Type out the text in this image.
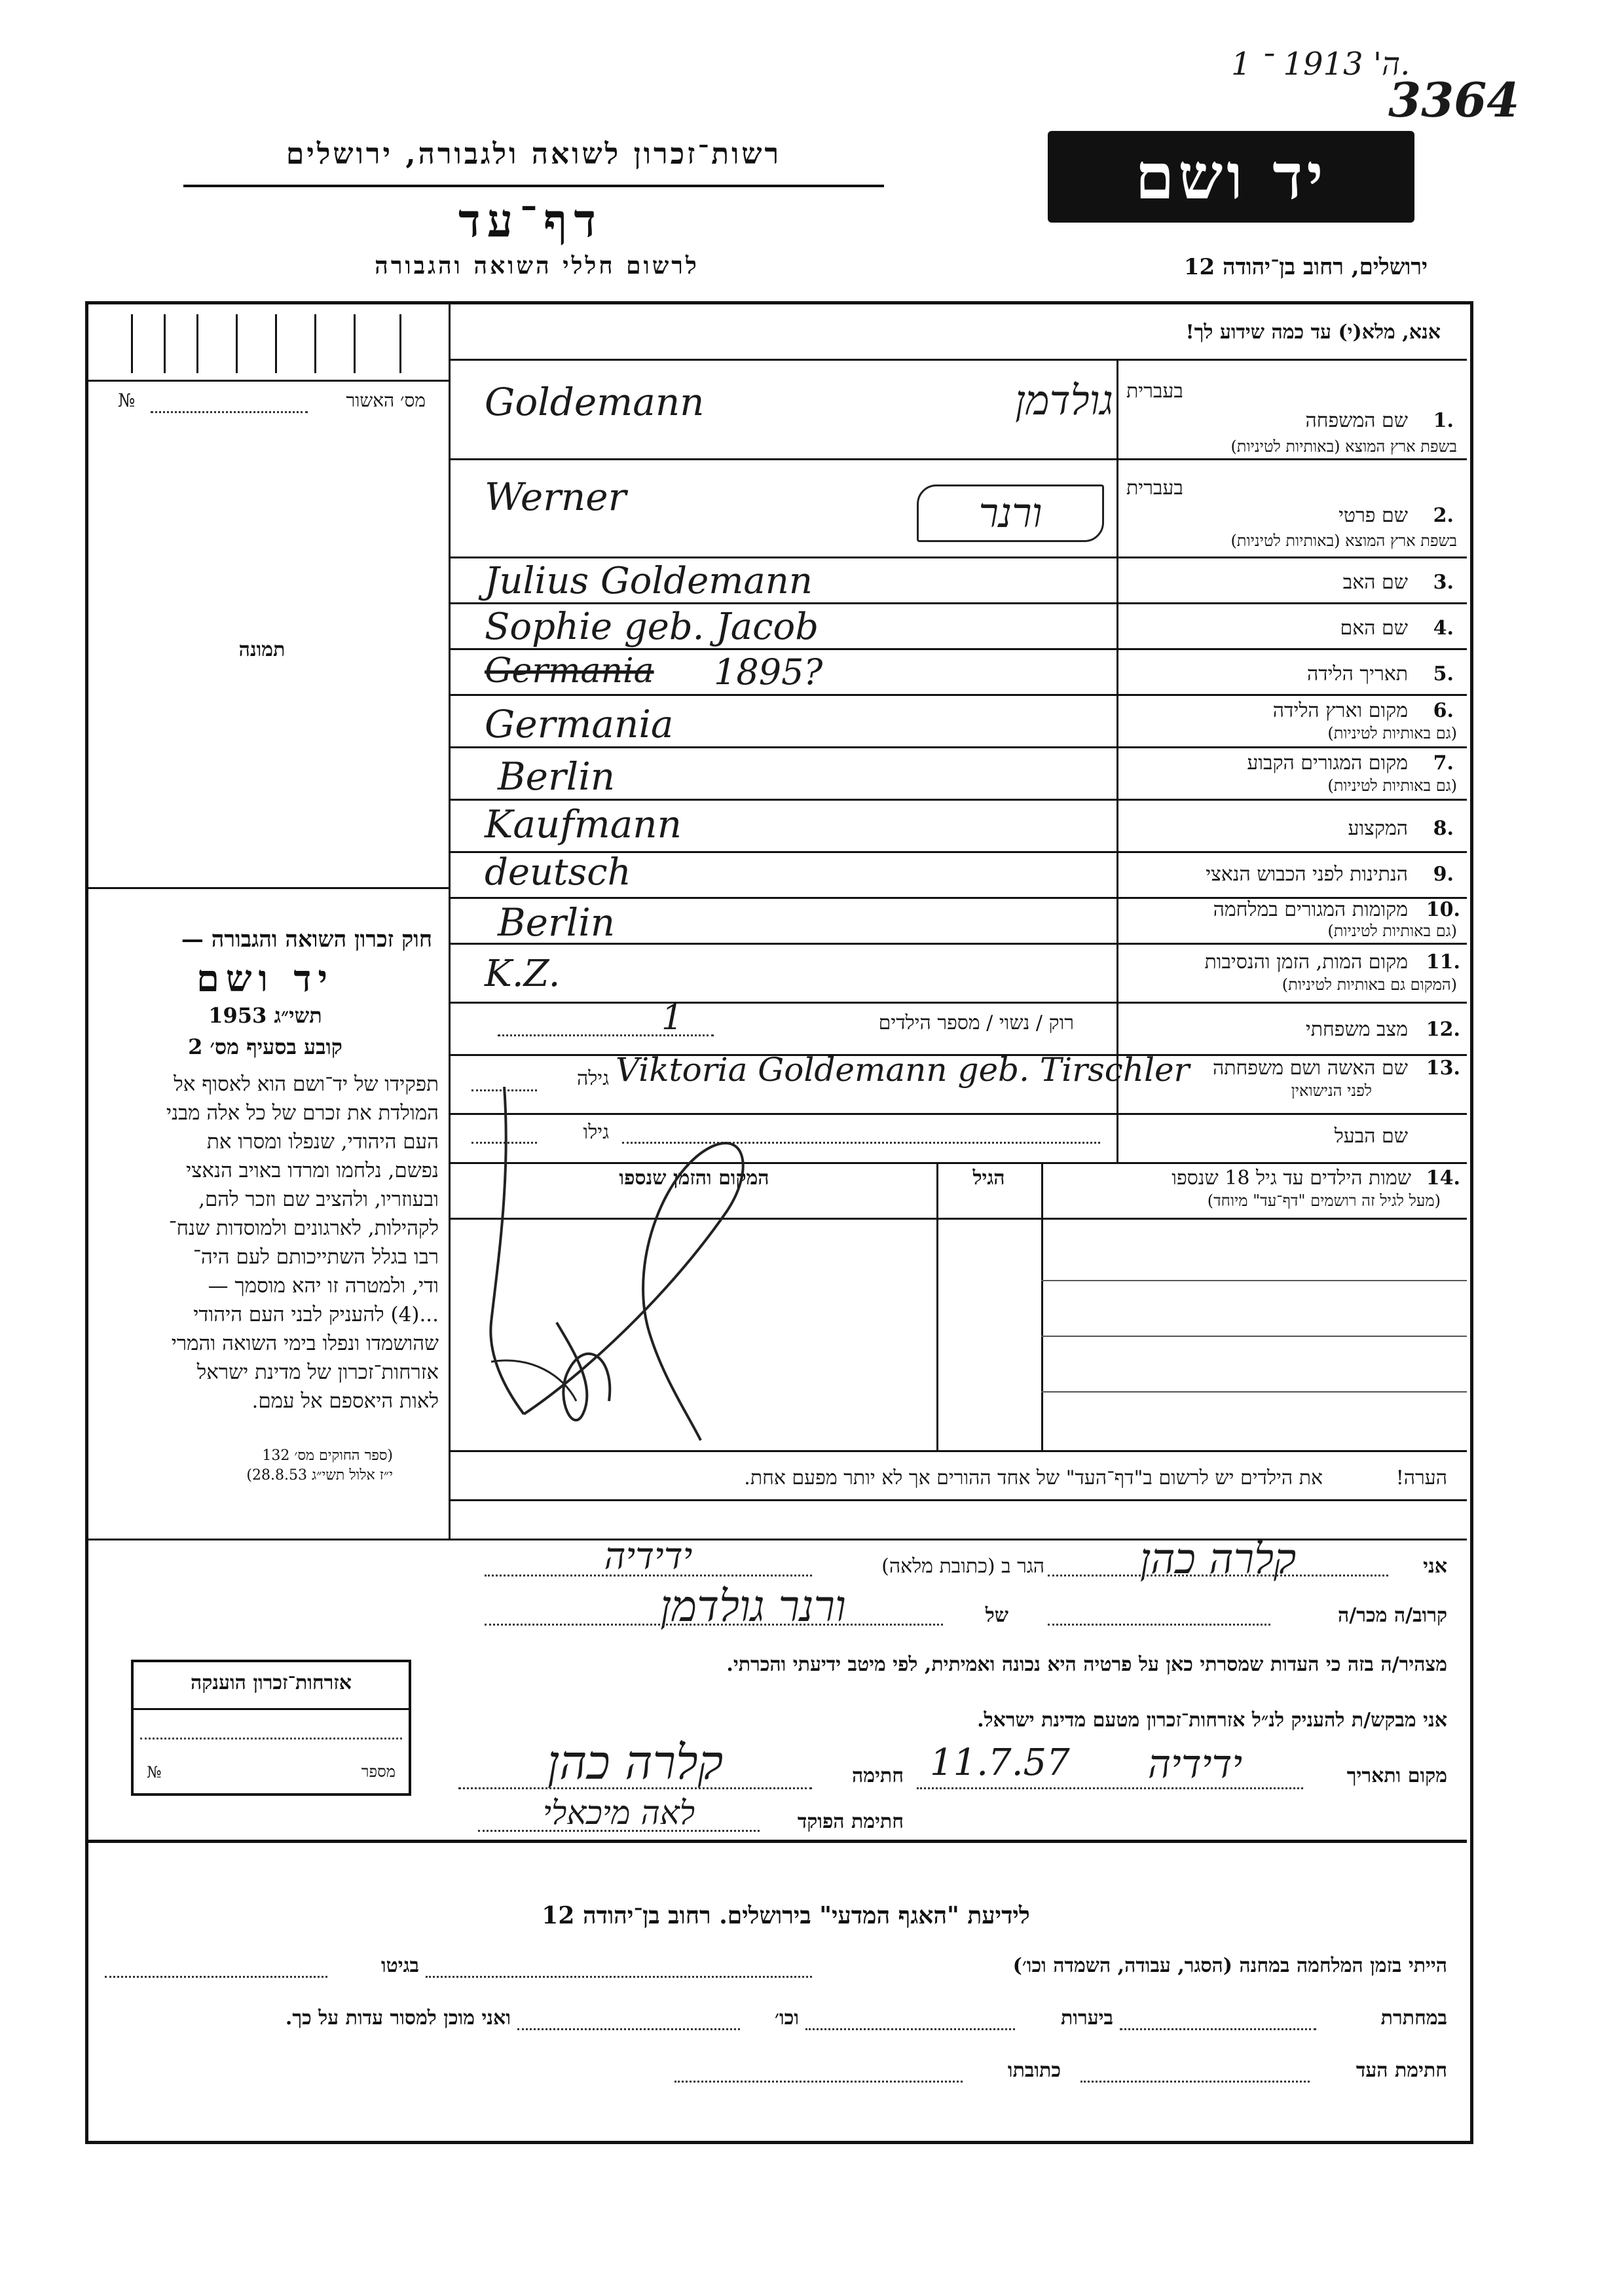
ה' 1913 ־ 1.
3364
רשות־זכרון לשואה ולגבורה, ירושלים
דף־עד
לרשום חללי השואה והגבורה
יד ושם
ירושלים, רחוב בן־יהודה 12
מס׳ האשור
№
תמונה
חוק זכרון השואה והגבורה —
יד ושם
תשי״ג 1953
קובע בסעיף מס׳ 2
תפקידו של יד־ושם הוא לאסוף אל
המולדת את זכרם של כל אלה מבני
העם היהודי, שנפלו ומסרו את
נפשם, נלחמו ומרדו באויב הנאצי
ובעוזריו, ולהציב שם וזכר להם,
לקהילות, לארגונים ולמוסדות שנח־
רבו בגלל השתייכותם לעם היה־
ודי, ולמטרה זו יהא מוסמך —
...(4) להעניק לבני העם היהודי
שהושמדו ונפלו בימי השואה והמרי
אזרחות־זכרון של מדינת ישראל
לאות היאספם אל עמם.
(ספר החוקים מס׳ 132
י״ז אלול תשי״ג 28.8.53)
אנא, מלא(י) עד כמה שידוע לך!
1.
שם המשפחה
בשפת ארץ המוצא (באותיות לטיניות)
בעברית
Goldemann	גולדמן
2.
שם פרטי
בשפת ארץ המוצא (באותיות לטיניות)
בעברית
Werner	ורנר
3.
שם האב
Julius Goldemann
4.
שם האם
Sophie geb. Jacob
5.
תאריך הלידה
Germania 1895?
6.
מקום וארץ הלידה
(גם באותיות לטיניות)
Germania
7.
מקום המגורים הקבוע
(גם באותיות לטיניות)
Berlin
8.
המקצוע
Kaufmann
9.
הנתינות לפני הכבוש הנאצי
deutsch
10.
מקומות המגורים במלחמה
(גם באותיות לטיניות)
Berlin
11.
מקום המות, הזמן והנסיבות
(המקום גם באותיות לטיניות)
K.Z.
12.
מצב משפחתי
רוק / נשוי / מספר הילדים
1
13.
שם האשה ושם משפחתה
לפני הנישואין
גילה Viktoria Goldemann geb. Tirschler
שם הבעל
גילו
14.
שמות הילדים עד גיל 18 שנספו
(מעל לגיל זה רושמים "דף־עד" מיוחד)
הגיל
המקום והזמן שנספו
הערה!
את הילדים יש לרשום ב"דף־העד" של אחד ההורים אך לא יותר מפעם אחת.
אני
קלרה כהן
הגר ב (כתובת מלאה)
ידידיה
קרוב/ה מכר/ה
של
ורנר גולדמן
מצהיר/ה בזה כי העדות שמסרתי כאן על פרטיה היא נכונה ואמיתית, לפי מיטב ידיעתי והכרתי.
אני מבקש/ת להעניק לנ״ל אזרחות־זכרון מטעם מדינת ישראל.
מקום ותאריך
ידידיה
11.7.57
חתימה
קלרה כהן
חתימת הפוקד
לאה מיכאלי
אזרחות־זכרון הוענקה
מספר
№
לידיעת "האגף המדעי" בירושלים. רחוב בן־יהודה 12
הייתי בזמן המלחמה במחנה (הסגר, עבודה, השמדה וכו׳)
בגיטו
במחתרת
ביערות
וכו׳
ואני מוכן למסור עדות על כך.
חתימת העד
כתובתו
